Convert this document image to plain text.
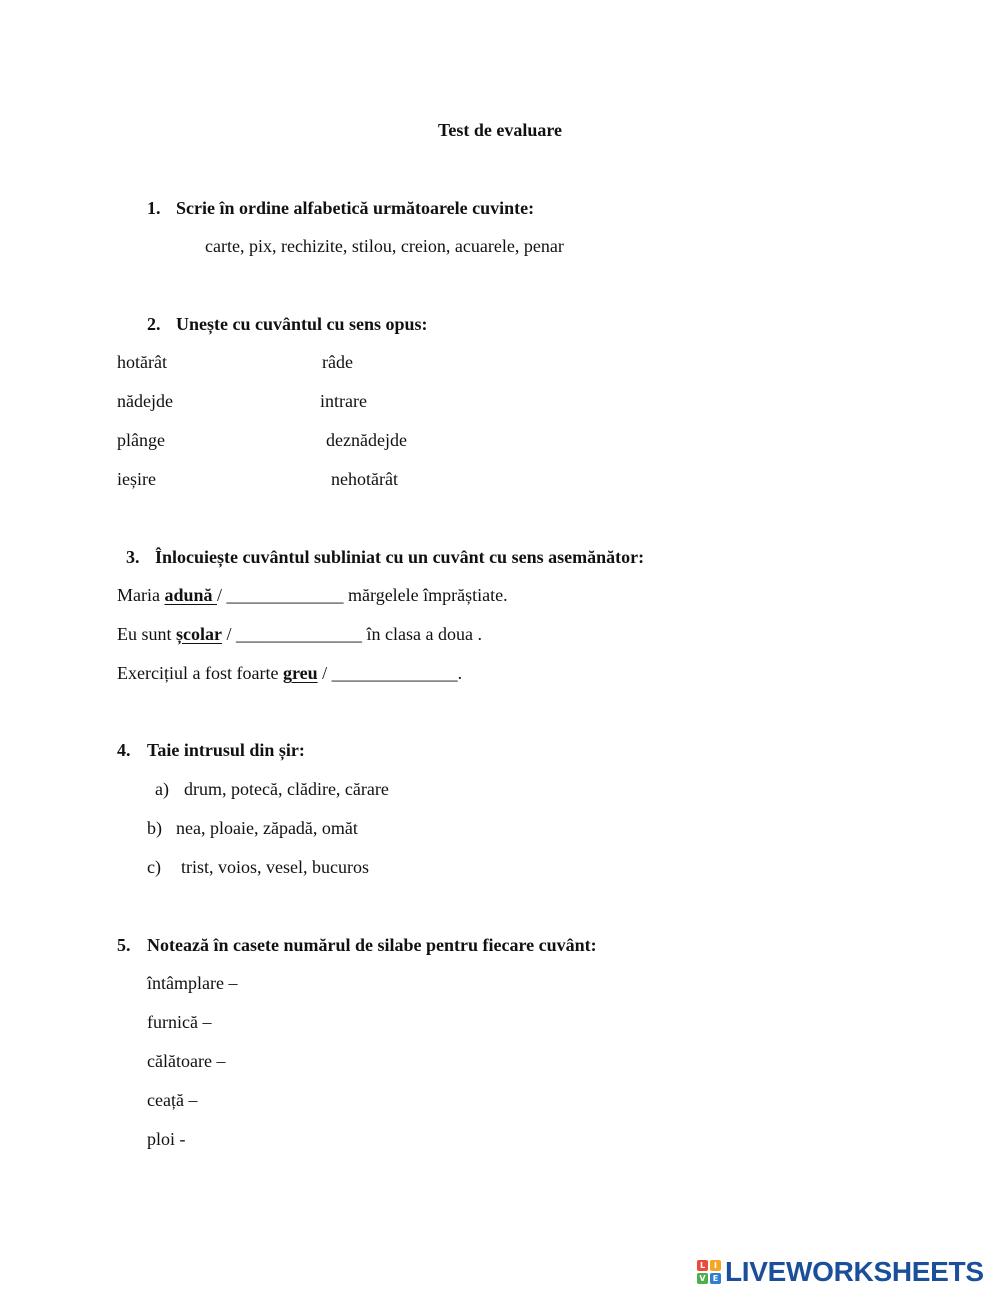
Test de evaluare
1. Scrie în ordine alfabetică următoarele cuvinte:
carte, pix, rechizite, stilou, creion, acuarele, penar
2. Unește cu cuvântul cu sens opus:
hotărât
nădejde
plânge
ieșire
râde
intrare
deznădejde
nehotărât
3. Înlocuiește cuvântul subliniat cu un cuvânt cu sens asemănător:
Maria adună / _____________ mărgelele împrăștiate.
Eu sunt școlar / ______________ în clasa a doua .
Exercițiul a fost foarte greu / ______________.
4. Taie intrusul din șir:
a) drum, potecă, clădire, cărare
b) nea, ploaie, zăpadă, omăt
c) trist, voios, vesel, bucuros
5. Notează în casete numărul de silabe pentru fiecare cuvânt:
întâmplare –
furnică –
călătoare –
ceață –
ploi -
L	I
V E LIVEWORKSHEETS
